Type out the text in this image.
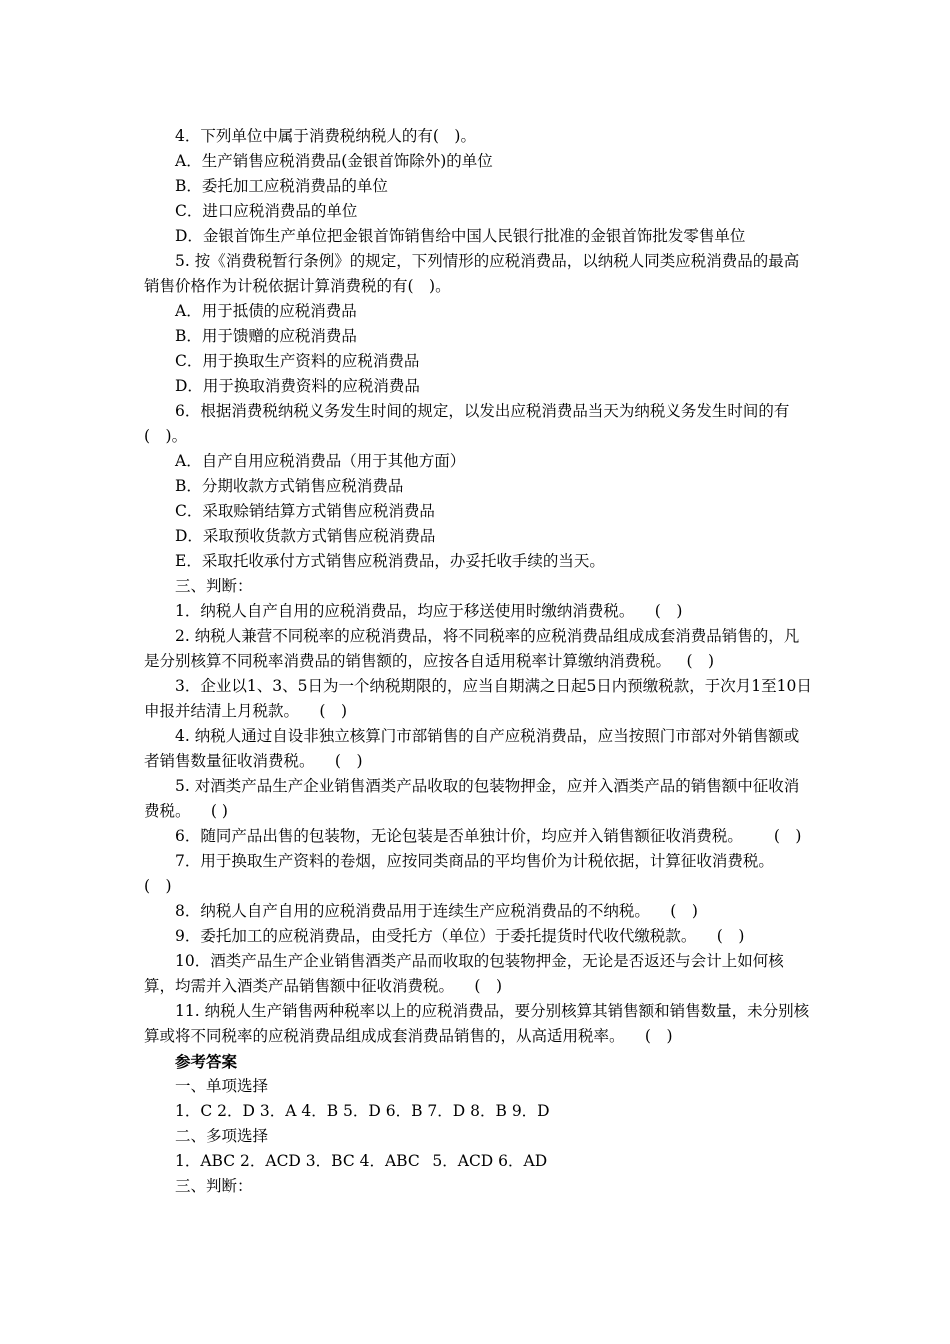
4．下列单位中属于消费税纳税人的有( )。

A．生产销售应税消费品(金银首饰除外)的单位

B．委托加工应税消费品的单位

C．进口应税消费品的单位

D．金银首饰生产单位把金银首饰销售给中国人民银行批准的金银首饰批发零售单位

5. 按《消费税暂行条例》的规定，下列情形的应税消费品，以纳税人同类应税消费品的最高销售价格作为计税依据计算消费税的有( )。

A．用于抵债的应税消费品

B．用于馈赠的应税消费品

C．用于换取生产资料的应税消费品

D．用于换取消费资料的应税消费品

6．根据消费税纳税义务发生时间的规定，以发出应税消费品当天为纳税义务发生时间的有( )。

A．自产自用应税消费品（用于其他方面）

B．分期收款方式销售应税消费品

C．采取赊销结算方式销售应税消费品

D．采取预收货款方式销售应税消费品

E．采取托收承付方式销售应税消费品，办妥托收手续的当天。

三、判断：

1．纳税人自产自用的应税消费品，均应于移送使用时缴纳消费税。  ( )

2. 纳税人兼营不同税率的应税消费品，将不同税率的应税消费品组成成套消费品销售的，凡是分别核算不同税率消费品的销售额的，应按各自适用税率计算缴纳消费税。 ( )

3．企业以1、3、5日为一个纳税期限的，应当自期满之日起5日内预缴税款，于次月1至10日申报并结清上月税款。  ( )

4. 纳税人通过自设非独立核算门市部销售的自产应税消费品，应当按照门市部对外销售额或者销售数量征收消费税。  ( )

5. 对酒类产品生产企业销售酒类产品收取的包装物押金，应并入酒类产品的销售额中征收消费税。  ( )

6．随同产品出售的包装物，无论包装是否单独计价，均应并入销售额征收消费税。  ( )

7．用于换取生产资料的卷烟，应按同类商品的平均售价为计税依据，计算征收消费税。 ( )

8．纳税人自产自用的应税消费品用于连续生产应税消费品的不纳税。  ( )

9．委托加工的应税消费品，由受托方（单位）于委托提货时代收代缴税款。  ( )

10．酒类产品生产企业销售酒类产品而收取的包装物押金，无论是否返还与会计上如何核算，均需并入酒类产品销售额中征收消费税。  ( )

11. 纳税人生产销售两种税率以上的应税消费品，要分别核算其销售额和销售数量，未分别核算或将不同税率的应税消费品组成成套消费品销售的，从高适用税率。  ( )

参考答案

一、单项选择

1．C 2．D 3．A 4．B 5．D 6．B 7．D 8．B 9．D

二、多项选择

1．ABC 2．ACD 3．BC 4．ABC  5．ACD 6．AD

三、判断：
